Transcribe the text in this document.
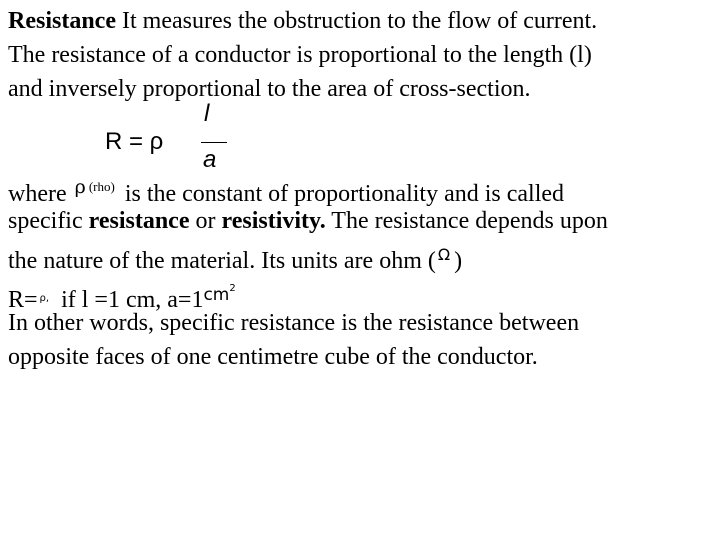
Resistance It measures the obstruction to the flow of current.
The resistance of a conductor is proportional to the length (l)
and inversely proportional to the area of cross-section.
R = ρ
l
a
where ρ (rho) is the constant of proportionality and is called
specific resistance or resistivity. The resistance depends upon
the nature of the material. Its units are ohm ( Ω )
R= ρ, if l =1 cm, $a=1cm^2$
In other words, specific resistance is the resistance between
opposite faces of one centimetre cube of the conductor.
